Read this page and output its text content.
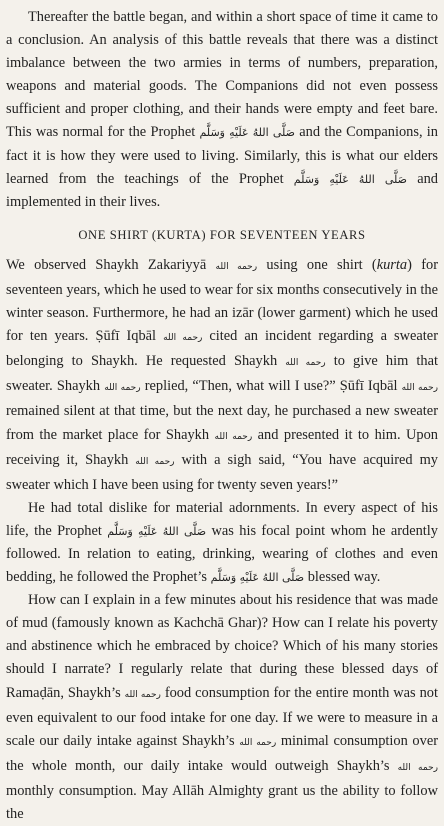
Thereafter the battle began, and within a short space of time it came to a conclusion. An analysis of this battle reveals that there was a distinct imbalance between the two armies in terms of numbers, preparation, weapons and material goods. The Companions did not even possess sufficient and proper clothing, and their hands were empty and feet bare. This was normal for the Prophet صَلَّى اللهُ عَلَيْهِ وَسَلَّم and the Companions, in fact it is how they were used to living. Similarly, this is what our elders learned from the teachings of the Prophet صَلَّى اللهُ عَلَيْهِ وَسَلَّم and implemented in their lives.

ONE SHIRT (KURTA) FOR SEVENTEEN YEARS

We observed Shaykh Zakariyyā رحمه الله using one shirt (kurta) for seventeen years, which he used to wear for six months consecutively in the winter season. Furthermore, he had an izār (lower garment) which he used for ten years. Ṣūfī Iqbāl رحمه الله cited an incident regarding a sweater belonging to Shaykh. He requested Shaykh رحمه الله to give him that sweater. Shaykh رحمه الله replied, “Then, what will I use?” Ṣūfī Iqbāl رحمه الله remained silent at that time, but the next day, he purchased a new sweater from the market place for Shaykh رحمه الله and presented it to him. Upon receiving it, Shaykh رحمه الله with a sigh said, “You have acquired my sweater which I have been using for twenty seven years!”

He had total dislike for material adornments. In every aspect of his life, the Prophet صَلَّى اللهُ عَلَيْهِ وَسَلَّم was his focal point whom he ardently followed. In relation to eating, drinking, wearing of clothes and even bedding, he followed the Prophet’s صَلَّى اللهُ عَلَيْهِ وَسَلَّم blessed way.

How can I explain in a few minutes about his residence that was made of mud (famously known as Kachchā Ghar)? How can I relate his poverty and abstinence which he embraced by choice? Which of his many stories should I narrate? I regularly relate that during these blessed days of Ramaḍān, Shaykh’s رحمه الله food consumption for the entire month was not even equivalent to our food intake for one day. If we were to measure in a scale our daily intake against Shaykh’s رحمه الله minimal consumption over the whole month, our daily intake would outweigh Shaykh’s رحمه الله monthly consumption. May Allāh Almighty grant us the ability to follow the
